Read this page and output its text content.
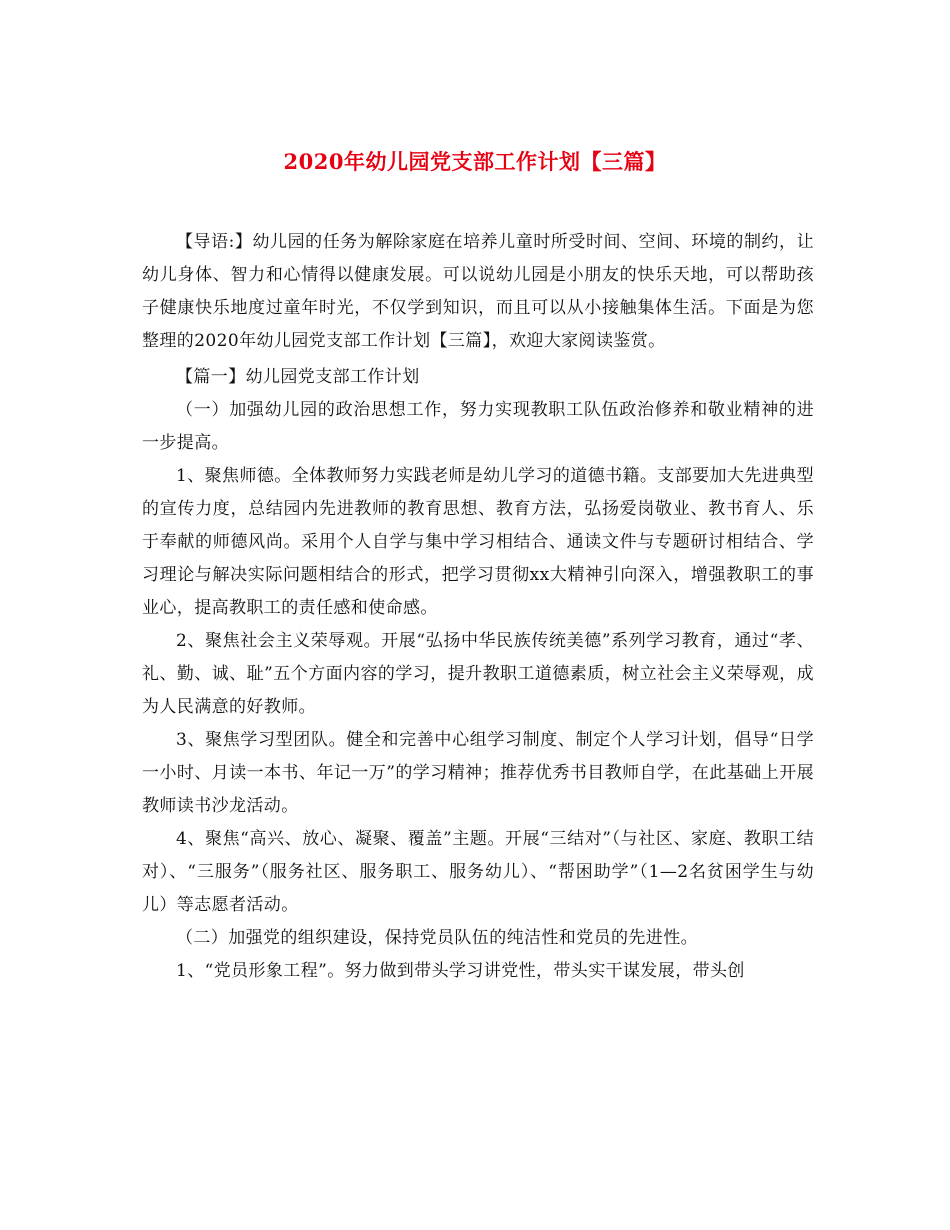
2020年幼儿园党支部工作计划【三篇】

【导语:】幼儿园的任务为解除家庭在培养儿童时所受时间、空间、环境的制约，让幼儿身体、智力和心情得以健康发展。可以说幼儿园是小朋友的快乐天地，可以帮助孩子健康快乐地度过童年时光，不仅学到知识，而且可以从小接触集体生活。下面是为您整理的2020年幼儿园党支部工作计划【三篇】，欢迎大家阅读鉴赏。

【篇一】幼儿园党支部工作计划

（一）加强幼儿园的政治思想工作，努力实现教职工队伍政治修养和敬业精神的进一步提高。

1、聚焦师德。全体教师努力实践老师是幼儿学习的道德书籍。支部要加大先进典型的宣传力度，总结园内先进教师的教育思想、教育方法，弘扬爱岗敬业、教书育人、乐于奉献的师德风尚。采用个人自学与集中学习相结合、通读文件与专题研讨相结合、学习理论与解决实际问题相结合的形式，把学习贯彻xx大精神引向深入，增强教职工的事业心，提高教职工的责任感和使命感。

2、聚焦社会主义荣辱观。开展“弘扬中华民族传统美德”系列学习教育，通过“孝、礼、勤、诚、耻”五个方面内容的学习，提升教职工道德素质，树立社会主义荣辱观，成为人民满意的好教师。

3、聚焦学习型团队。健全和完善中心组学习制度、制定个人学习计划，倡导“日学一小时、月读一本书、年记一万”的学习精神；推荐优秀书目教师自学，在此基础上开展教师读书沙龙活动。

4、聚焦“高兴、放心、凝聚、覆盖”主题。开展“三结对”（与社区、家庭、教职工结对）、“三服务”（服务社区、服务职工、服务幼儿）、“帮困助学”（1—2名贫困学生与幼儿）等志愿者活动。

（二）加强党的组织建设，保持党员队伍的纯洁性和党员的先进性。

1、“党员形象工程”。努力做到带头学习讲党性，带头实干谋发展，带头创
